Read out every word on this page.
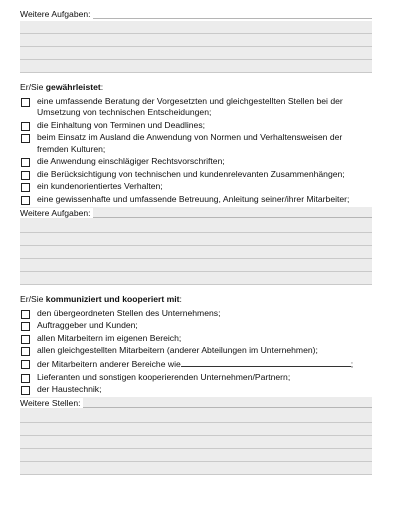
Weitere Aufgaben:
Er/Sie gewährleistet:
eine umfassende Beratung der Vorgesetzten und gleichgestellten Stellen bei der Umsetzung von technischen Entscheidungen;
die Einhaltung von Terminen und Deadlines;
beim Einsatz im Ausland die Anwendung von Normen und Verhaltensweisen der fremden Kulturen;
die Anwendung einschlägiger Rechtsvorschriften;
die Berücksichtigung von technischen und kundenrelevanten Zusammenhängen;
ein kundenorientiertes Verhalten;
eine gewissenhafte und umfassende Betreuung, Anleitung seiner/ihrer Mitarbeiter;
Weitere Aufgaben:
Er/Sie kommuniziert und kooperiert mit:
den übergeordneten Stellen des Unternehmens;
Auftraggeber und Kunden;
allen Mitarbeitern im eigenen Bereich;
allen gleichgestellten Mitarbeitern (anderer Abteilungen im Unternehmen);
der Mitarbeitern anderer Bereiche wie	;
Lieferanten und sonstigen kooperierenden Unternehmen/Partnern;
der Haustechnik;
Weitere Stellen:
